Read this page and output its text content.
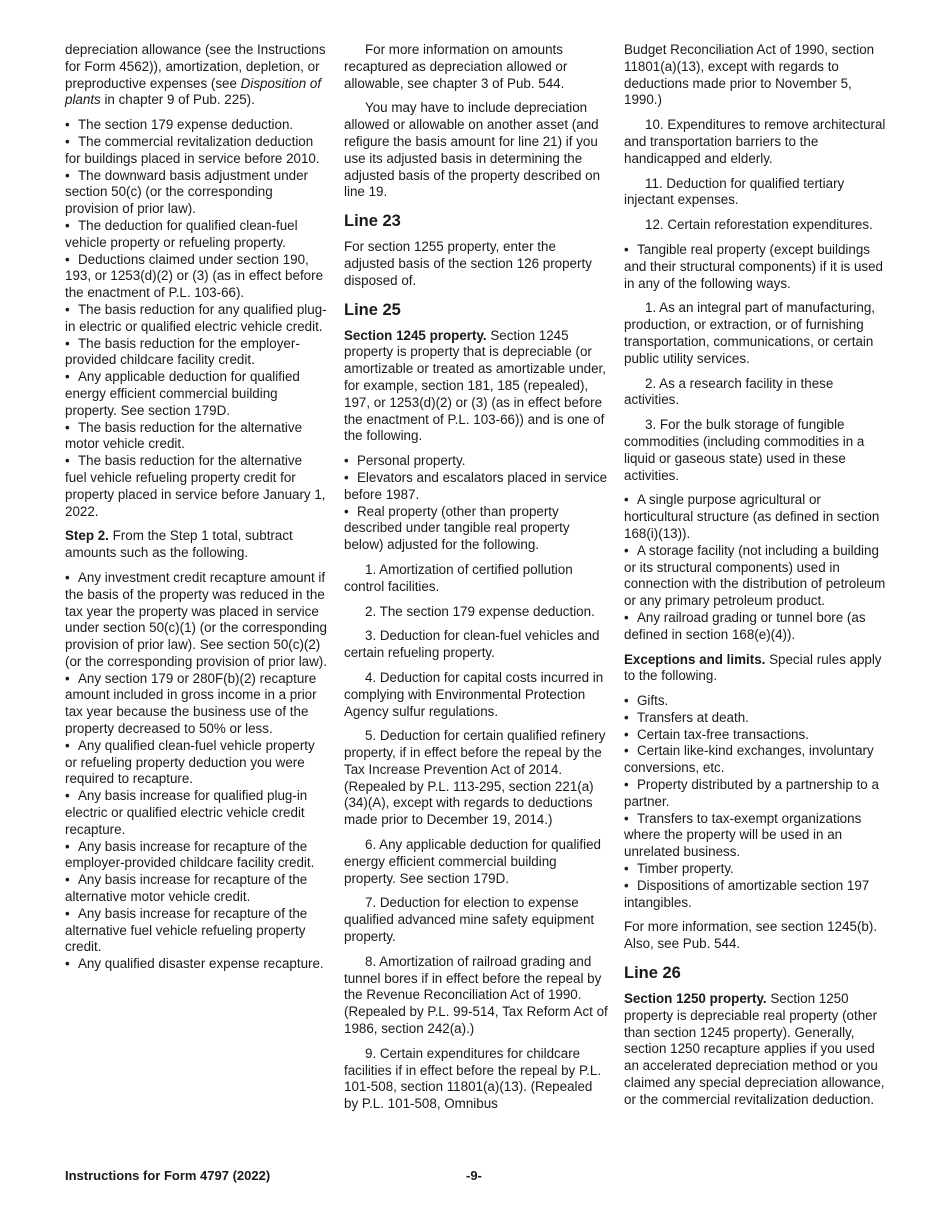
depreciation allowance (see the Instructions for Form 4562)), amortization, depletion, or preproductive expenses (see Disposition of plants in chapter 9 of Pub. 225).

• The section 179 expense deduction.

• The commercial revitalization deduction for buildings placed in service before 2010.

• The downward basis adjustment under section 50(c) (or the corresponding provision of prior law).

• The deduction for qualified clean-fuel vehicle property or refueling property.

• Deductions claimed under section 190, 193, or 1253(d)(2) or (3) (as in effect before the enactment of P.L. 103-66).

• The basis reduction for any qualified plug-in electric or qualified electric vehicle credit.

• The basis reduction for the employer-provided childcare facility credit.

• Any applicable deduction for qualified energy efficient commercial building property. See section 179D.

• The basis reduction for the alternative motor vehicle credit.

• The basis reduction for the alternative fuel vehicle refueling property credit for property placed in service before January 1, 2022.

Step 2. From the Step 1 total, subtract amounts such as the following.

• Any investment credit recapture amount if the basis of the property was reduced in the tax year the property was placed in service under section 50(c)(1) (or the corresponding provision of prior law). See section 50(c)(2) (or the corresponding provision of prior law).

• Any section 179 or 280F(b)(2) recapture amount included in gross income in a prior tax year because the business use of the property decreased to 50% or less.

• Any qualified clean-fuel vehicle property or refueling property deduction you were required to recapture.

• Any basis increase for qualified plug-in electric or qualified electric vehicle credit recapture.

• Any basis increase for recapture of the employer-provided childcare facility credit.

• Any basis increase for recapture of the alternative motor vehicle credit.

• Any basis increase for recapture of the alternative fuel vehicle refueling property credit.

• Any qualified disaster expense recapture.

For more information on amounts recaptured as depreciation allowed or allowable, see chapter 3 of Pub. 544.

You may have to include depreciation allowed or allowable on another asset (and refigure the basis amount for line 21) if you use its adjusted basis in determining the adjusted basis of the property described on line 19.

Line 23

For section 1255 property, enter the adjusted basis of the section 126 property disposed of.

Line 25

Section 1245 property. Section 1245 property is property that is depreciable (or amortizable or treated as amortizable under, for example, section 181, 185 (repealed), 197, or 1253(d)(2) or (3) (as in effect before the enactment of P.L. 103-66)) and is one of the following.

• Personal property.

• Elevators and escalators placed in service before 1987.

• Real property (other than property described under tangible real property below) adjusted for the following.

1. Amortization of certified pollution control facilities.

2. The section 179 expense deduction.

3. Deduction for clean-fuel vehicles and certain refueling property.

4. Deduction for capital costs incurred in complying with Environmental Protection Agency sulfur regulations.

5. Deduction for certain qualified refinery property, if in effect before the repeal by the Tax Increase Prevention Act of 2014. (Repealed by P.L. 113-295, section 221(a)(34)(A), except with regards to deductions made prior to December 19, 2014.)

6. Any applicable deduction for qualified energy efficient commercial building property. See section 179D.

7. Deduction for election to expense qualified advanced mine safety equipment property.

8. Amortization of railroad grading and tunnel bores if in effect before the repeal by the Revenue Reconciliation Act of 1990. (Repealed by P.L. 99-514, Tax Reform Act of 1986, section 242(a).)

9. Certain expenditures for childcare facilities if in effect before the repeal by P.L. 101-508, section 11801(a)(13). (Repealed by P.L. 101-508, Omnibus

Budget Reconciliation Act of 1990, section 11801(a)(13), except with regards to deductions made prior to November 5, 1990.)

10. Expenditures to remove architectural and transportation barriers to the handicapped and elderly.

11. Deduction for qualified tertiary injectant expenses.

12. Certain reforestation expenditures.

• Tangible real property (except buildings and their structural components) if it is used in any of the following ways.

1. As an integral part of manufacturing, production, or extraction, or of furnishing transportation, communications, or certain public utility services.

2. As a research facility in these activities.

3. For the bulk storage of fungible commodities (including commodities in a liquid or gaseous state) used in these activities.

• A single purpose agricultural or horticultural structure (as defined in section 168(i)(13)).

• A storage facility (not including a building or its structural components) used in connection with the distribution of petroleum or any primary petroleum product.

• Any railroad grading or tunnel bore (as defined in section 168(e)(4)).

Exceptions and limits. Special rules apply to the following.

• Gifts.

• Transfers at death.

• Certain tax-free transactions.

• Certain like-kind exchanges, involuntary conversions, etc.

• Property distributed by a partnership to a partner.

• Transfers to tax-exempt organizations where the property will be used in an unrelated business.

• Timber property.

• Dispositions of amortizable section 197 intangibles.

For more information, see section 1245(b). Also, see Pub. 544.

Line 26

Section 1250 property. Section 1250 property is depreciable real property (other than section 1245 property). Generally, section 1250 recapture applies if you used an accelerated depreciation method or you claimed any special depreciation allowance, or the commercial revitalization deduction.

Instructions for Form 4797 (2022)	-9-
